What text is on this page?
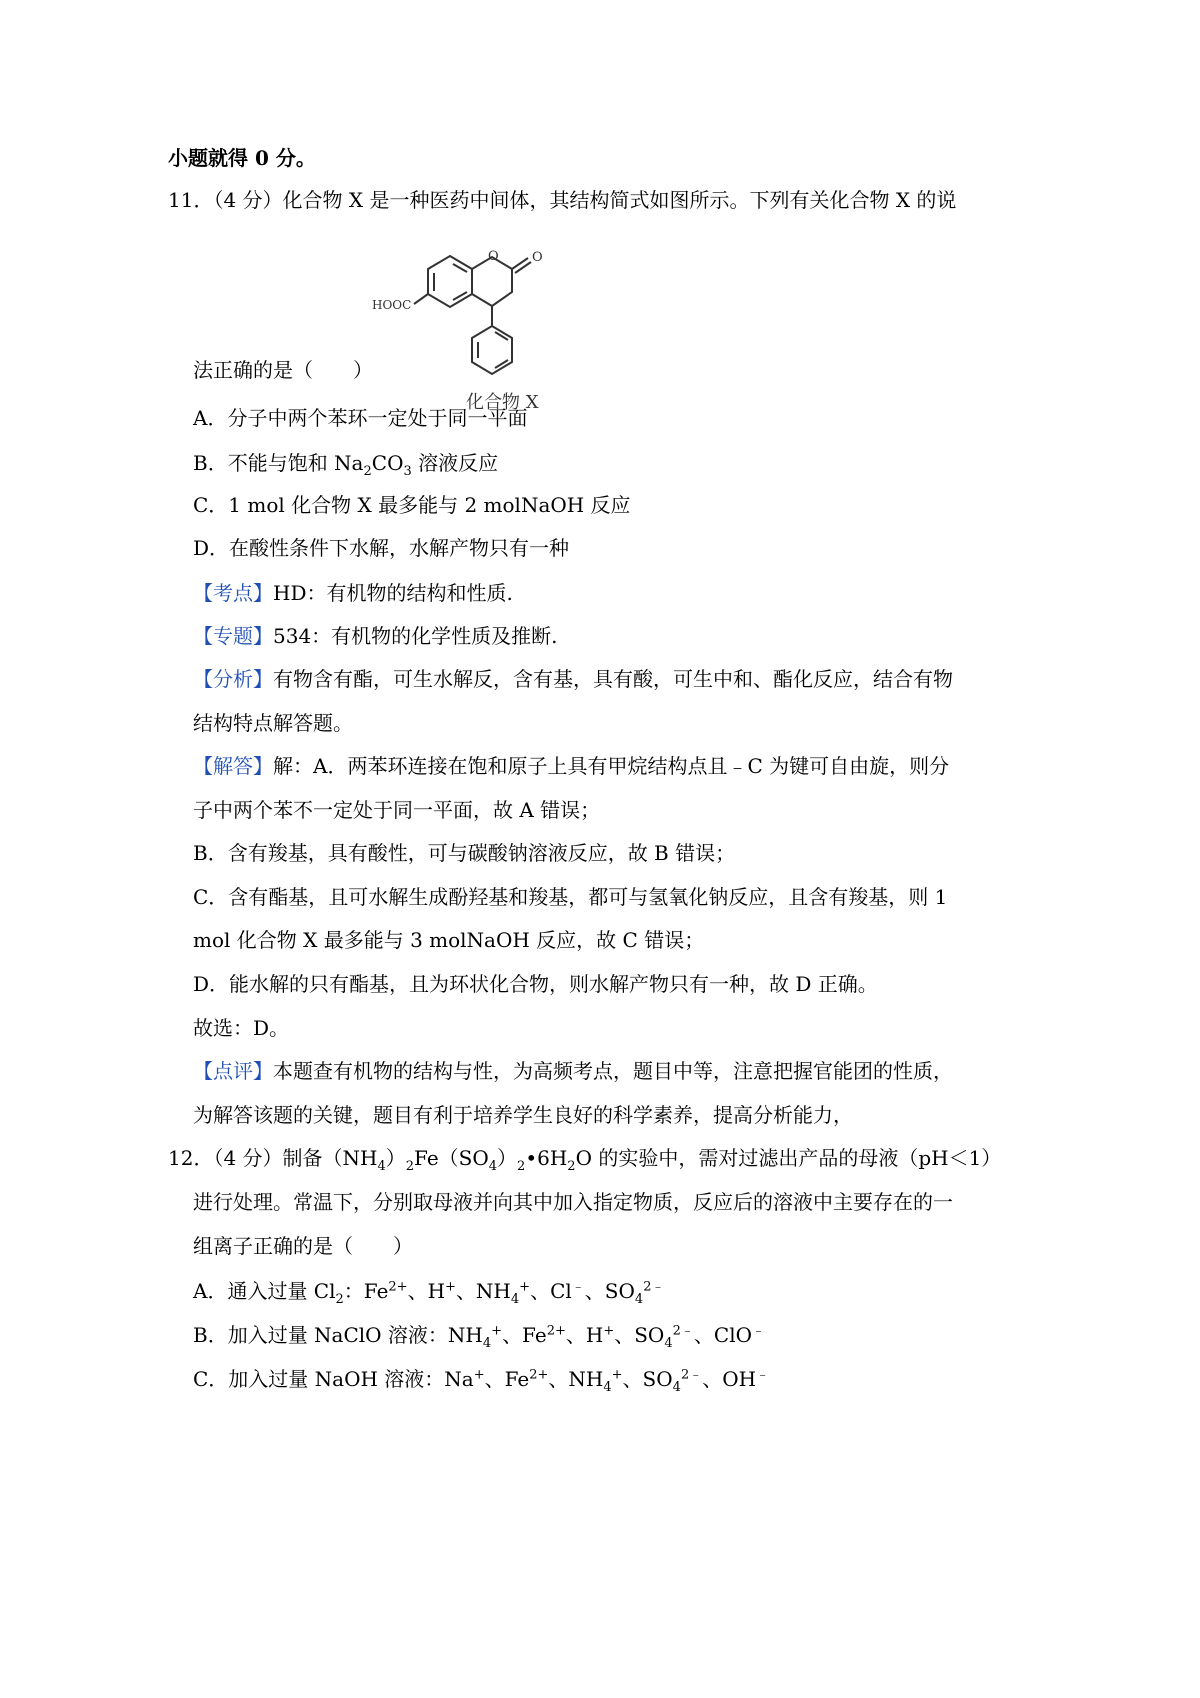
小题就得 0 分。
11．（4 分）化合物 X 是一种医药中间体，其结构简式如图所示。下列有关化合物 X 的说
O	O
HOOC
化合物 X
法正确的是（　　）
A．分子中两个苯环一定处于同一平面
B．不能与饱和 $Na_2CO_3$ 溶液反应
C．1 mol 化合物 X 最多能与 2 molNaOH 反应
D．在酸性条件下水解，水解产物只有一种
【考点】HD：有机物的结构和性质.
【专题】534：有机物的化学性质及推断.
【分析】有物含有酯，可生水解反，含有基，具有酸，可生中和、酯化反应，结合有物
结构特点解答题。
【解答】解：A．两苯环连接在饱和原子上具有甲烷结构点且﹣C 为键可自由旋，则分
子中两个苯不一定处于同一平面，故 A 错误；
B．含有羧基，具有酸性，可与碳酸钠溶液反应，故 B 错误；
C．含有酯基，且可水解生成酚羟基和羧基，都可与氢氧化钠反应，且含有羧基，则 1
mol 化合物 X 最多能与 3 molNaOH 反应，故 C 错误；
D．能水解的只有酯基，且为环状化合物，则水解产物只有一种，故 D 正确。
故选：D。
【点评】本题查有机物的结构与性，为高频考点，题目中等，注意把握官能团的性质，
为解答该题的关键，题目有利于培养学生良好的科学素养，提高分析能力，
12．（4 分）制备$(NH_4)_2Fe(SO_4)_2•6H_2O$ 的实验中，需对过滤出产品的母液（pH＜1）
进行处理。常温下，分别取母液并向其中加入指定物质，反应后的溶液中主要存在的一
组离子正确的是（　　）
A．通入过量 $Cl_2$：$Fe^{2+}$、H+、$NH_4^+$、Cl﹣、$SO_4^{2﹣}$
B．加入过量 NaClO 溶液：$NH_4^+$、$Fe^{2+}$、H+、$SO_4^{2﹣}$、ClO﹣
C．加入过量 NaOH 溶液：Na+、$Fe^{2+}$、$NH_4^+$、$SO_4^{2﹣}$、OH﹣
